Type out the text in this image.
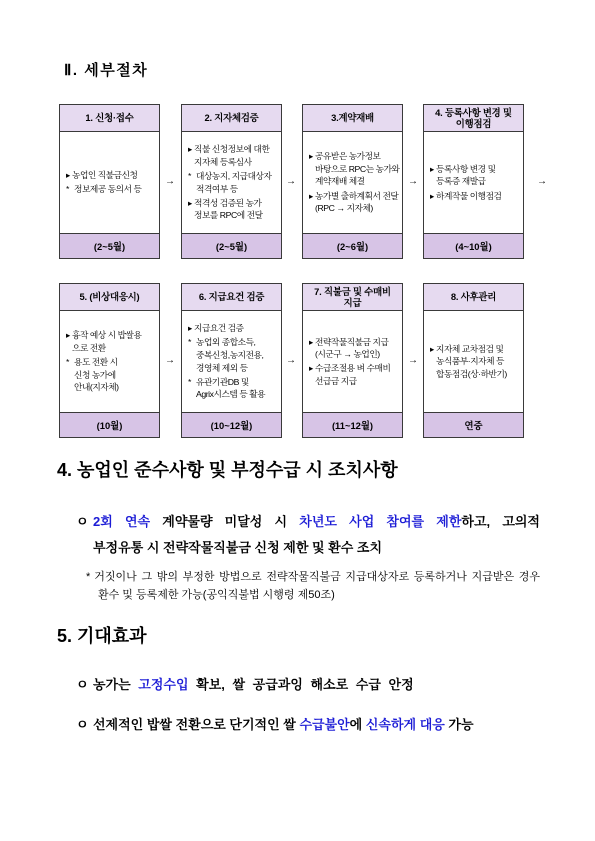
Ⅱ. 세부절차
1. 신청·접수
▸ 농업인 직불금신청
* 정보제공 동의서 등
(2~5월)
→
2. 지자체검증
▸ 직불 신청정보에 대한
지자체 등록심사
* 대상농지, 지급대상자
적격여부 등
▸ 적격성 검증된 농가
정보를 RPC에 전달
(2~5월)
→
3.계약재배
▸ 공유받은 농가정보
바탕으로 RPC는 농가와
계약재배 체결
▸ 농가별 출하계획서 전달
(RPC → 지자체)
(2~6월)
→
4. 등록사항 변경 및
이행점검
▸ 등록사항 변경 및
등록증 재발급
▸ 하계작물 이행점검
(4~10월)
→
5. (비상대응시)
▸ 흉작 예상 시 밥쌀용
으로 전환
* 용도 전환 시
신청 농가에
안내(지자체)
(10월)
→
6. 지급요건 검증
▸ 지급요건 검증
* 농업외 종합소득,
중복신청,농지전용,
경영체 제외 등
* 유관기관DB 및
Agrix시스템 등 활용
(10~12월)
→
7. 직불금 및 수매비
지급
▸ 전략작물직불금 지급
(시군구 → 농업인)
▸ 수급조절용 벼 수매비
선급금 지급
(11~12월)
→
8. 사후관리
▸ 지자체 교차점검 및
농식품부·지자체 등
합동점검(상·하반기)
연중
4. 농업인 준수사항 및 부정수급 시 조치사항
ㅇ 2회 연속 계약물량 미달성 시 차년도 사업 참여를 제한하고, 고의적
부정유통 시 전략작물직불금 신청 제한 및 환수 조치
* 거짓이나 그 밖의 부정한 방법으로 전략작물직불금 지급대상자로 등록하거나 지급받은 경우
환수 및 등록제한 가능(공익직불법 시행령 제50조)
5. 기대효과
ㅇ 농가는 고정수입 확보, 쌀 공급과잉 해소로 수급 안정
ㅇ 선제적인 밥쌀 전환으로 단기적인 쌀 수급불안에 신속하게 대응 가능
